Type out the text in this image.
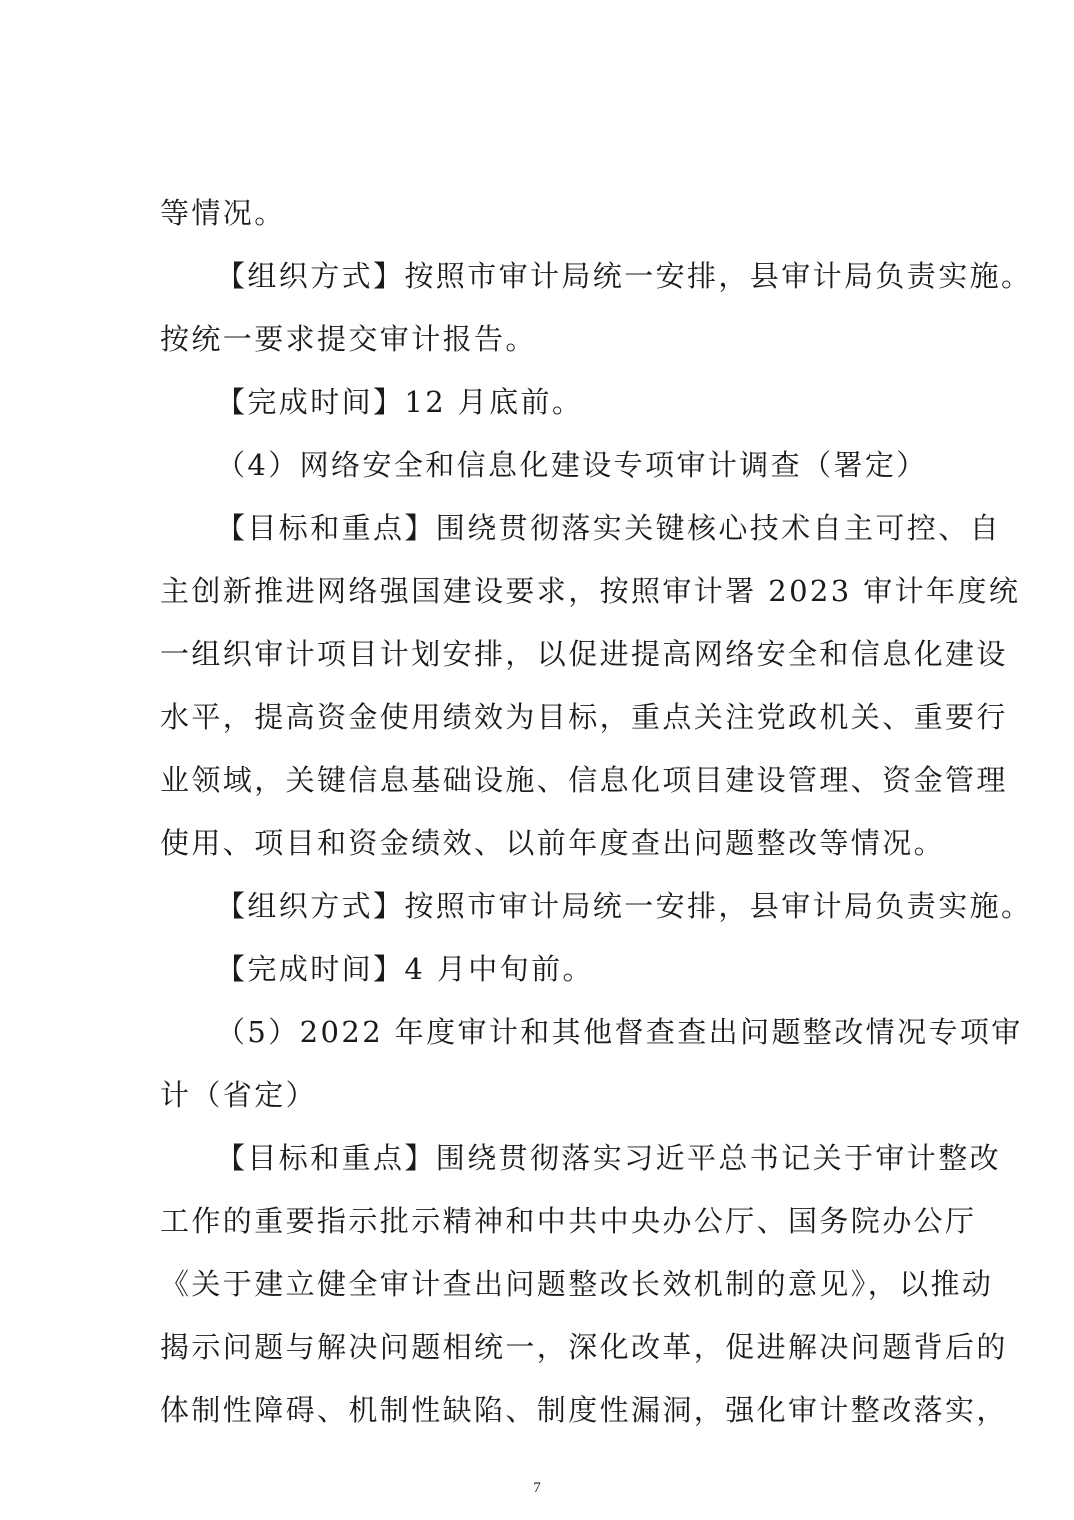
等情况。
【组织方式】按照市审计局统一安排，县审计局负责实施。
按统一要求提交审计报告。
【完成时间】12 月底前。
（4）网络安全和信息化建设专项审计调查（署定）
【目标和重点】围绕贯彻落实关键核心技术自主可控、自
主创新推进网络强国建设要求，按照审计署 2023 审计年度统
一组织审计项目计划安排，以促进提高网络安全和信息化建设
水平，提高资金使用绩效为目标，重点关注党政机关、重要行
业领域，关键信息基础设施、信息化项目建设管理、资金管理
使用、项目和资金绩效、以前年度查出问题整改等情况。
【组织方式】按照市审计局统一安排，县审计局负责实施。
【完成时间】4 月中旬前。
（5）2022 年度审计和其他督查查出问题整改情况专项审
计（省定）
【目标和重点】围绕贯彻落实习近平总书记关于审计整改
工作的重要指示批示精神和中共中央办公厅、国务院办公厅
《关于建立健全审计查出问题整改长效机制的意见》，以推动
揭示问题与解决问题相统一，深化改革，促进解决问题背后的
体制性障碍、机制性缺陷、制度性漏洞，强化审计整改落实，
7
